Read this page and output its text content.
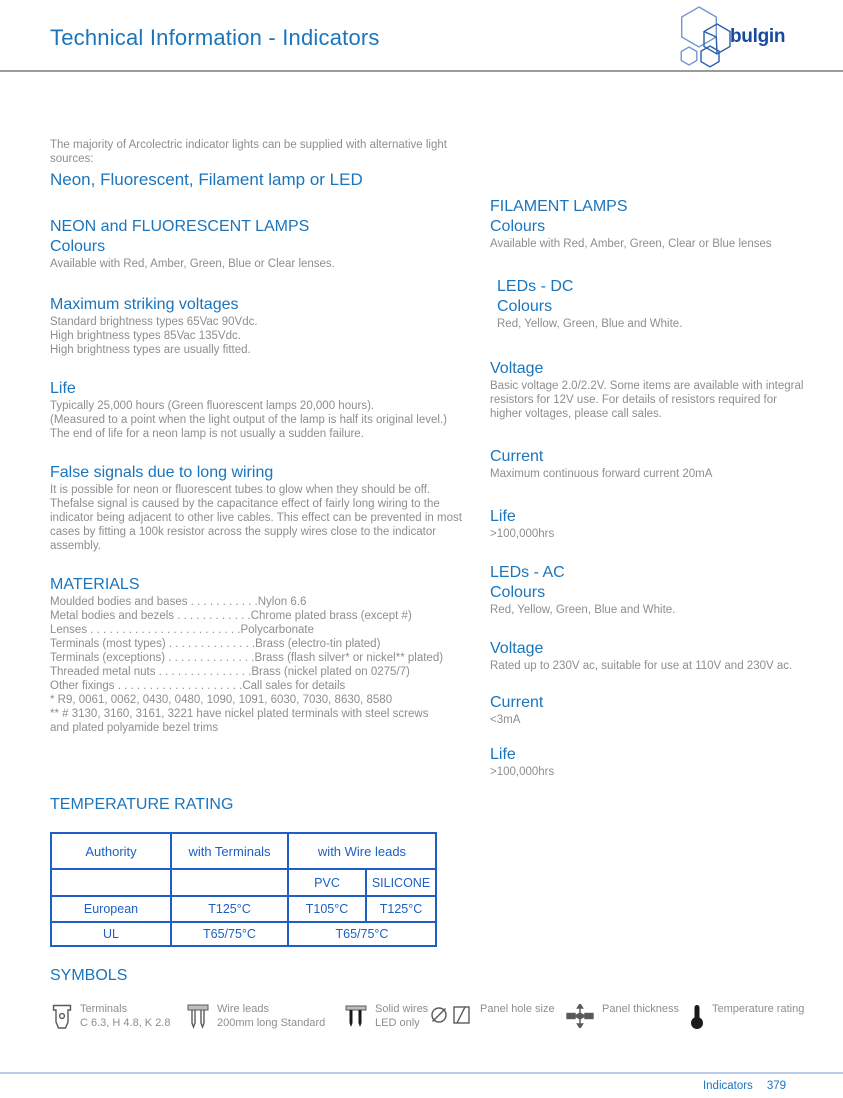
Technical Information - Indicators	bulgin
The majority of Arcolectric indicator lights can be supplied with alternative light sources:
Neon, Fluorescent, Filament lamp or LED
NEON and FLUORESCENT LAMPS
Colours
Available with Red, Amber, Green, Blue or Clear lenses.
Maximum striking voltages
Standard brightness types 65Vac 90Vdc.
High brightness types 85Vac 135Vdc.
High brightness types are usually fitted.
Life
Typically 25,000 hours (Green fluorescent lamps 20,000 hours).
(Measured to a point when the light output of the lamp is half its original level.)
The end of life for a neon lamp is not usually a sudden failure.
False signals due to long wiring
It is possible for neon or fluorescent tubes to glow when they should be off. Thefalse signal is caused by the capacitance effect of fairly long wiring to the indicator being adjacent to other live cables. This effect can be prevented in most cases by fitting a 100k resistor across the supply wires close to the indicator assembly.
MATERIALS
Moulded bodies and bases . . . . . . . . . . .Nylon 6.6
Metal bodies and bezels . . . . . . . . . . . .Chrome plated brass (except #)
Lenses . . . . . . . . . . . . . . . . . . . . . . . .Polycarbonate
Terminals (most types) . . . . . . . . . . . . . .Brass (electro-tin plated)
Terminals (exceptions) . . . . . . . . . . . . . .Brass (flash silver* or nickel** plated)
Threaded metal nuts . . . . . . . . . . . . . . .Brass (nickel plated on 0275/7)
Other fixings . . . . . . . . . . . . . . . . . . . .Call sales for details
* R9, 0061, 0062, 0430, 0480, 1090, 1091, 6030, 7030, 8630, 8580
** # 3130, 3160, 3161, 3221 have nickel plated terminals with steel screws
and plated polyamide bezel trims
FILAMENT LAMPS
Colours
Available with Red, Amber, Green, Clear or Blue lenses
LEDs - DC
Colours
Red, Yellow, Green, Blue and White.
Voltage
Basic voltage 2.0/2.2V. Some items are available with integral resistors for 12V use. For details of resistors required for higher voltages, please call sales.
Current
Maximum continuous forward current 20mA
Life
>100,000hrs
LEDs - AC
Colours
Red, Yellow, Green, Blue and White.
Voltage
Rated up to 230V ac, suitable for use at 110V and 230V ac.
Current
<3mA
Life
>100,000hrs
TEMPERATURE RATING
Authority	with Terminals	with Wire leads	
		PVC	SILICONE
European	T125°C	T105°C	T125°C
UL	T65/75°C	T65/75°C	
SYMBOLS
Terminals
C 6.3, H 4.8, K 2.8
Wire leads
200mm long Standard
Solid wires
LED only
Panel hole size	Panel thickness	Temperature rating
Indicators 379
